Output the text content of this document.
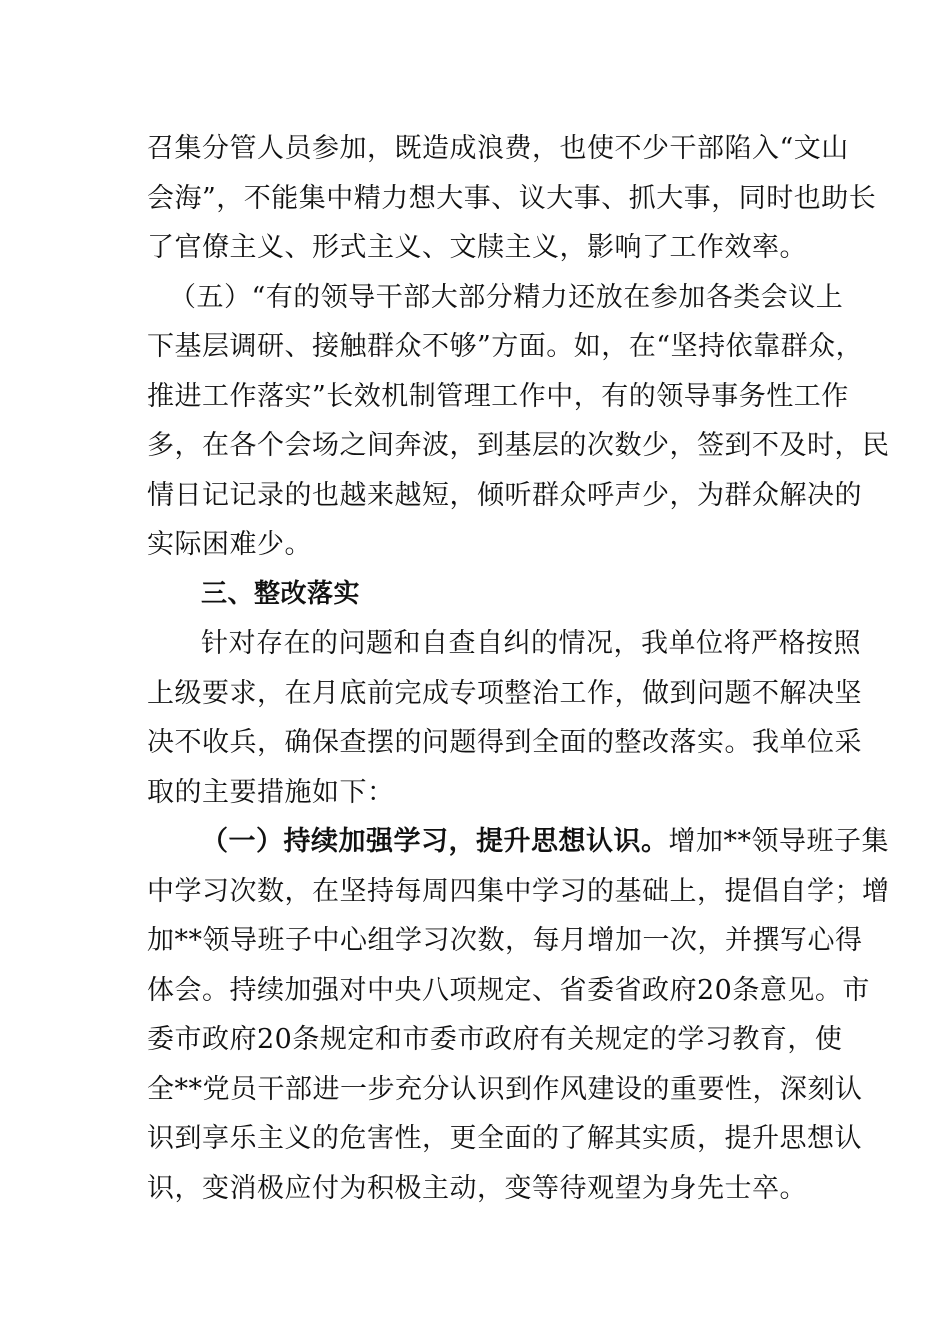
召集分管人员参加，既造成浪费，也使不少干部陷入“文山
会海”，不能集中精力想大事、议大事、抓大事，同时也助长
了官僚主义、形式主义、文牍主义，影响了工作效率。
（五）“有的领导干部大部分精力还放在参加各类会议上
下基层调研、接触群众不够”方面。如，在“坚持依靠群众，
推进工作落实”长效机制管理工作中，有的领导事务性工作
多，在各个会场之间奔波，到基层的次数少，签到不及时，民
情日记记录的也越来越短，倾听群众呼声少，为群众解决的
实际困难少。
三、整改落实
针对存在的问题和自查自纠的情况，我单位将严格按照
上级要求，在月底前完成专项整治工作，做到问题不解决坚
决不收兵，确保查摆的问题得到全面的整改落实。我单位采
取的主要措施如下：
（一）持续加强学习，提升思想认识。增加**领导班子集
中学习次数，在坚持每周四集中学习的基础上，提倡自学；增
加**领导班子中心组学习次数，每月增加一次，并撰写心得
体会。持续加强对中央八项规定、省委省政府20条意见。市
委市政府20条规定和市委市政府有关规定的学习教育，使
全**党员干部进一步充分认识到作风建设的重要性，深刻认
识到享乐主义的危害性，更全面的了解其实质，提升思想认
识，变消极应付为积极主动，变等待观望为身先士卒。
